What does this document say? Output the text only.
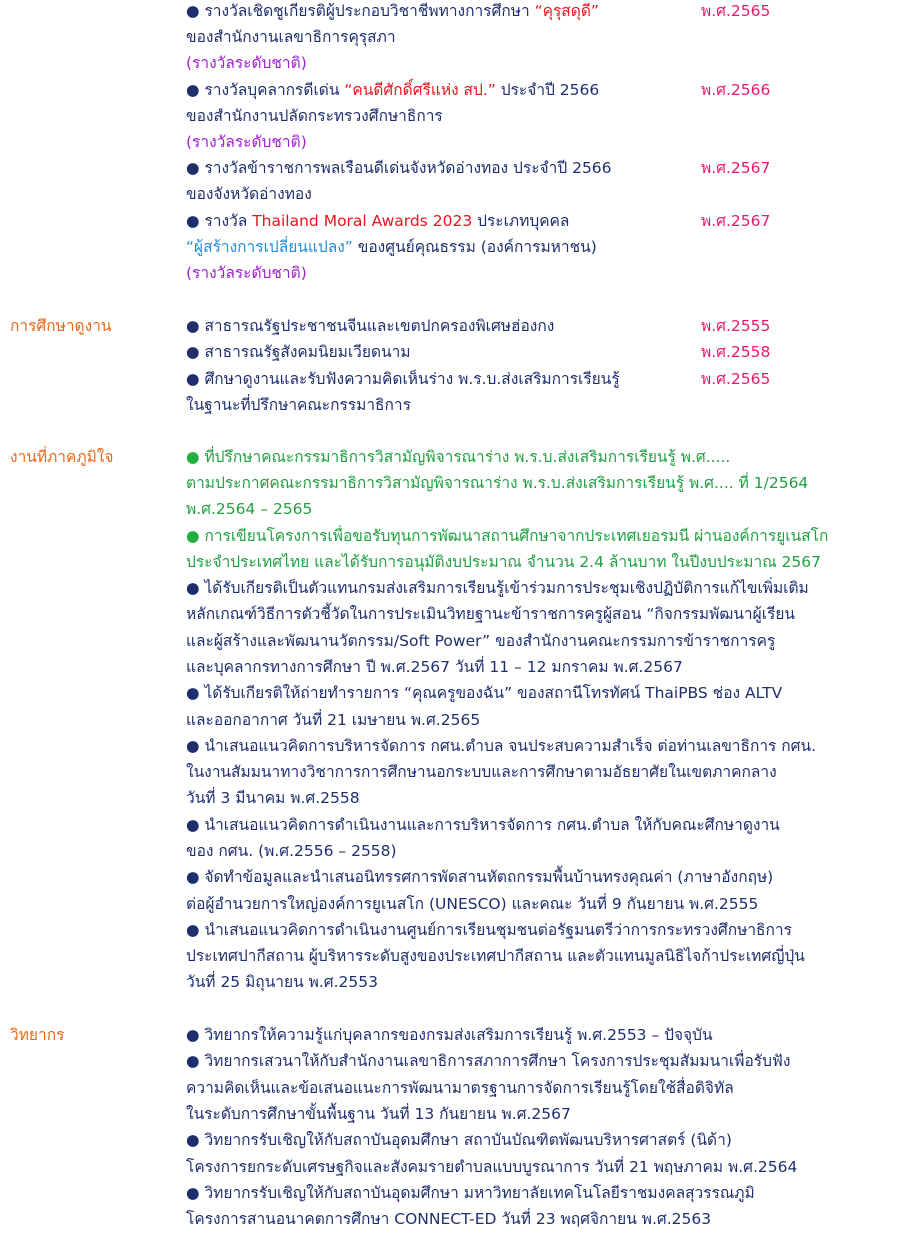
● รางวัลเชิดชูเกียรติผู้ประกอบวิชาชีพทางการศึกษา “คุรุสดุดี”	พ.ศ.2565
ของสำนักงานเลขาธิการคุรุสภา
(รางวัลระดับชาติ)
● รางวัลบุคลากรดีเด่น “คนดีศักดิ์ศรีแห่ง สป.” ประจำปี 2566	พ.ศ.2566
ของสำนักงานปลัดกระทรวงศึกษาธิการ
(รางวัลระดับชาติ)
● รางวัลข้าราชการพลเรือนดีเด่นจังหวัดอ่างทอง ประจำปี 2566	พ.ศ.2567
ของจังหวัดอ่างทอง
● รางวัล Thailand Moral Awards 2023 ประเภทบุคคล	พ.ศ.2567
“ผู้สร้างการเปลี่ยนแปลง” ของศูนย์คุณธรรม (องค์การมหาชน)
(รางวัลระดับชาติ)
การศึกษาดูงาน	● สาธารณรัฐประชาชนจีนและเขตปกครองพิเศษฮ่องกง	พ.ศ.2555
● สาธารณรัฐสังคมนิยมเวียดนาม	พ.ศ.2558
● ศึกษาดูงานและรับฟังความคิดเห็นร่าง พ.ร.บ.ส่งเสริมการเรียนรู้	พ.ศ.2565
ในฐานะที่ปรึกษาคณะกรรมาธิการ
งานที่ภาคภูมิใจ	● ที่ปรึกษาคณะกรรมาธิการวิสามัญพิจารณาร่าง พ.ร.บ.ส่งเสริมการเรียนรู้ พ.ศ.....
ตามประกาศคณะกรรมาธิการวิสามัญพิจารณาร่าง พ.ร.บ.ส่งเสริมการเรียนรู้ พ.ศ.... ที่ 1/2564
พ.ศ.2564 – 2565
● การเขียนโครงการเพื่อขอรับทุนการพัฒนาสถานศึกษาจากประเทศเยอรมนี ผ่านองค์การยูเนสโก
ประจำประเทศไทย และได้รับการอนุมัติงบประมาณ จำนวน 2.4 ล้านบาท ในปีงบประมาณ 2567
● ได้รับเกียรติเป็นตัวแทนกรมส่งเสริมการเรียนรู้เข้าร่วมการประชุมเชิงปฏิบัติการแก้ไขเพิ่มเติม
หลักเกณฑ์วิธีการตัวชี้วัดในการประเมินวิทยฐานะข้าราชการครูผู้สอน “กิจกรรมพัฒนาผู้เรียน
และผู้สร้างและพัฒนานวัตกรรม/Soft Power” ของสำนักงานคณะกรรมการข้าราชการครู
และบุคลากรทางการศึกษา ปี พ.ศ.2567 วันที่ 11 – 12 มกราคม พ.ศ.2567
● ได้รับเกียรติให้ถ่ายทำรายการ “คุณครูของฉัน” ของสถานีโทรทัศน์ ThaiPBS ช่อง ALTV
และออกอากาศ วันที่ 21 เมษายน พ.ศ.2565
● นำเสนอแนวคิดการบริหารจัดการ กศน.ตำบล จนประสบความสำเร็จ ต่อท่านเลขาธิการ กศน.
ในงานสัมมนาทางวิชาการการศึกษานอกระบบและการศึกษาตามอัธยาศัยในเขตภาคกลาง
วันที่ 3 มีนาคม พ.ศ.2558
● นำเสนอแนวคิดการดำเนินงานและการบริหารจัดการ กศน.ตำบล ให้กับคณะศึกษาดูงาน
ของ กศน. (พ.ศ.2556 – 2558)
● จัดทำข้อมูลและนำเสนอนิทรรศการพัดสานหัตถกรรมพื้นบ้านทรงคุณค่า (ภาษาอังกฤษ)
ต่อผู้อำนวยการใหญ่องค์การยูเนสโก (UNESCO) และคณะ วันที่ 9 กันยายน พ.ศ.2555
● นำเสนอแนวคิดการดำเนินงานศูนย์การเรียนชุมชนต่อรัฐมนตรีว่าการกระทรวงศึกษาธิการ
ประเทศปากีสถาน ผู้บริหารระดับสูงของประเทศปากีสถาน และตัวแทนมูลนิธิไจก้าประเทศญี่ปุ่น
วันที่ 25 มิถุนายน พ.ศ.2553
วิทยากร	● วิทยากรให้ความรู้แก่บุคลากรของกรมส่งเสริมการเรียนรู้ พ.ศ.2553 – ปัจจุบัน
● วิทยากรเสวนาให้กับสำนักงานเลขาธิการสภาการศึกษา โครงการประชุมสัมมนาเพื่อรับฟัง
ความคิดเห็นและข้อเสนอแนะการพัฒนามาตรฐานการจัดการเรียนรู้โดยใช้สื่อดิจิทัล
ในระดับการศึกษาขั้นพื้นฐาน วันที่ 13 กันยายน พ.ศ.2567
● วิทยากรรับเชิญให้กับสถาบันอุดมศึกษา สถาบันบัณฑิตพัฒนบริหารศาสตร์ (นิด้า)
โครงการยกระดับเศรษฐกิจและสังคมรายตำบลแบบบูรณาการ วันที่ 21 พฤษภาคม พ.ศ.2564
● วิทยากรรับเชิญให้กับสถาบันอุดมศึกษา มหาวิทยาลัยเทคโนโลยีราชมงคลสุวรรณภูมิ
โครงการสานอนาคตการศึกษา CONNECT-ED วันที่ 23 พฤศจิกายน พ.ศ.2563
